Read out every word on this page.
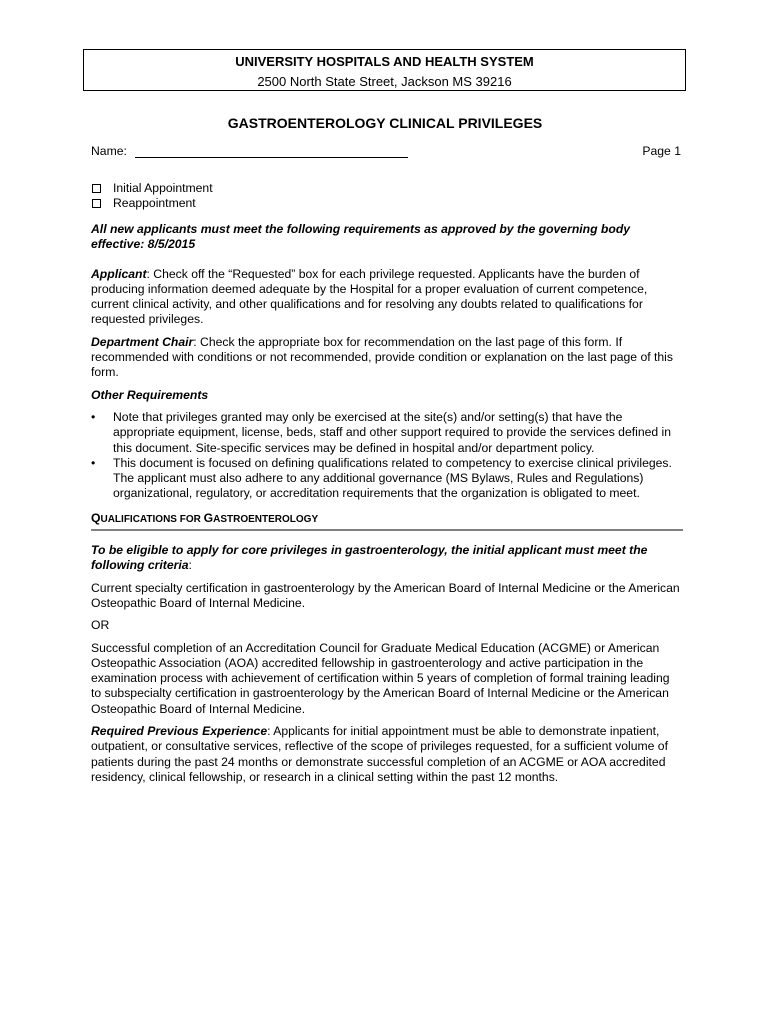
UNIVERSITY HOSPITALS AND HEALTH SYSTEM
2500 North State Street, Jackson MS 39216
GASTROENTEROLOGY CLINICAL PRIVILEGES
Name:	Page 1
Initial Appointment
Reappointment

All new applicants must meet the following requirements as approved by the governing body effective: 8/5/2015

Applicant: Check off the “Requested” box for each privilege requested. Applicants have the burden of producing information deemed adequate by the Hospital for a proper evaluation of current competence, current clinical activity, and other qualifications and for resolving any doubts related to qualifications for requested privileges.

Department Chair: Check the appropriate box for recommendation on the last page of this form. If recommended with conditions or not recommended, provide condition or explanation on the last page of this form.

Other Requirements

• Note that privileges granted may only be exercised at the site(s) and/or setting(s) that have the appropriate equipment, license, beds, staff and other support required to provide the services defined in this document. Site-specific services may be defined in hospital and/or department policy.
• This document is focused on defining qualifications related to competency to exercise clinical privileges. The applicant must also adhere to any additional governance (MS Bylaws, Rules and Regulations) organizational, regulatory, or accreditation requirements that the organization is obligated to meet.
QUALIFICATIONS FOR GASTROENTEROLOGY

To be eligible to apply for core privileges in gastroenterology, the initial applicant must meet the following criteria:

Current specialty certification in gastroenterology by the American Board of Internal Medicine or the American Osteopathic Board of Internal Medicine.

OR

Successful completion of an Accreditation Council for Graduate Medical Education (ACGME) or American Osteopathic Association (AOA) accredited fellowship in gastroenterology and active participation in the examination process with achievement of certification within 5 years of completion of formal training leading to subspecialty certification in gastroenterology by the American Board of Internal Medicine or the American Osteopathic Board of Internal Medicine.

Required Previous Experience: Applicants for initial appointment must be able to demonstrate inpatient, outpatient, or consultative services, reflective of the scope of privileges requested, for a sufficient volume of patients during the past 24 months or demonstrate successful completion of an ACGME or AOA accredited residency, clinical fellowship, or research in a clinical setting within the past 12 months.
